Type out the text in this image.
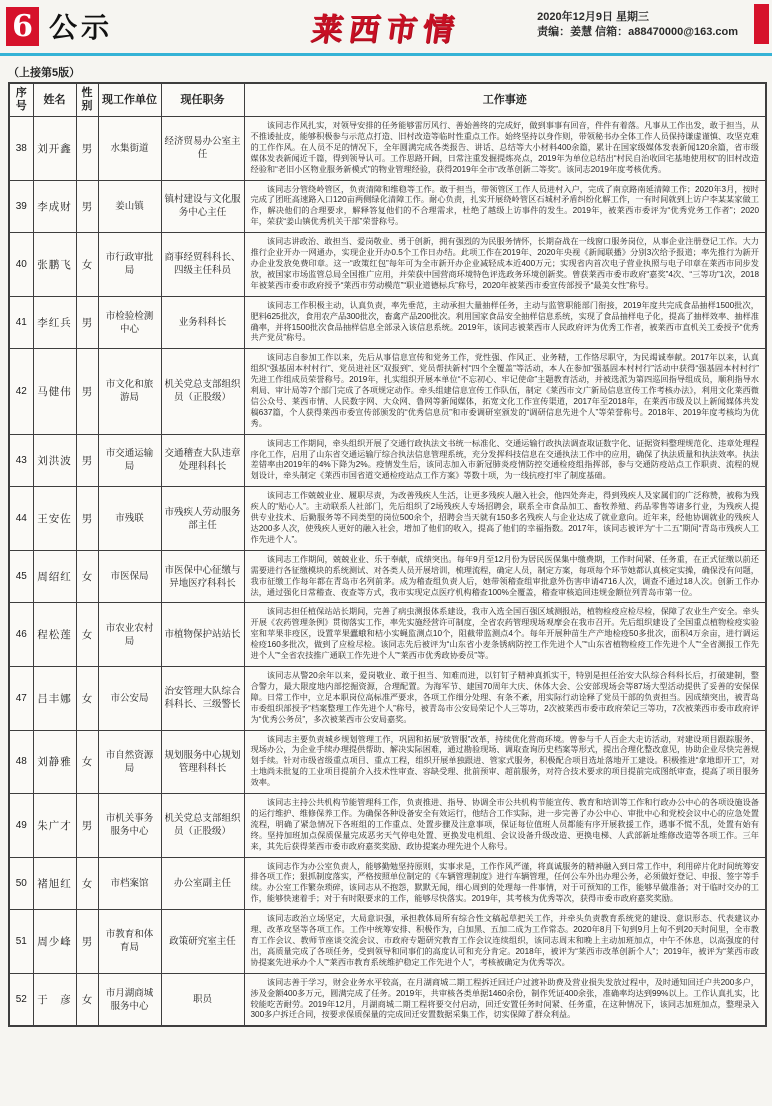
6 公示	莱西市情	2020年12月9日 星期三
责编：姜慧 信箱：a88470000@163.com
（上接第5版）
序号	姓名	性别	现工作单位	现任职务	工作事迹
38	刘开鑫	男	水集街道	经济贸易办公室主任	该同志作风扎实，对领导安排的任务能够雷厉风行、善始善终的完成好，做到事事有回音，件件有着落。凡事从工作出发，敢于担当，从不推诿扯皮，能够积极参与示范点打造、旧村改造等临时性重点工作。始终坚持以身作则，带领秘书办全体工作人员保持谦虚谨慎、攻坚克难的工作作风。在人员不足的情况下，全年圆满完成各类报告、讲话、总结等大小材料400余篇，累计在国家级媒体发表新闻120余篇，省市级媒体发表新闻近千篇，得到领导认可。工作思路开阔，日常注重发掘提炼亮点，2019年为单位总结出“村民自治收回宅基地使用权”的旧村改造经验和“老旧小区物业服务新模式”的物业管理经验，获得2019年全市“改革创新二等奖”。该同志2019年度考核优秀。

39	李成财	男	姜山镇	镇村建设与文化服务中心主任	该同志分管绕岭管区，负责清障和维稳等工作。敢于担当，带领管区工作人员进村入户，完成了南京路南延清障工作；2020年3月，按时完成了团旺高速路入口120亩两侧绿化清障工作。耐心负责，扎实开展绕岭管区石城村矛盾纠纷化解工作，一有时间就到上访户李某某家做工作，解决他们的合理要求，解释答复他们的不合理需求，杜绝了越级上访事件的发生。2019年，被莱西市委评为“优秀党务工作者”；2020年，荣获“姜山镇优秀机关干部”荣誉称号。

40	张鹏飞	女	市行政审批局	商事经贸科科长、四级主任科员	该同志讲政治、敢担当、爱岗敬业、勇于创新，拥有强烈的为民服务情怀，长期奋战在一线窗口服务岗位，从事企业注册登记工作。大力推行企业开办一网通办，实现企业开办0.5个工作日办结。此项工作在2019年、2020年央视《新闻联播》分别3次给予报道；率先推行为新开办企业发放免费印章。这一“政策红包”每年可为全市新开办企业减轻成本近400万元；实现省内首次电子营业执照与电子印章在莱西市同步发放，被国家市场监管总局全国推广应用，并荣获中国营商环境特色评选政务环境创新奖。曾获莱西市委市政府“嘉奖”4次、“三等功”1次，2018年被莱西市委市政府授予“莱西市劳动模范”“职业道德标兵”称号，2020年被莱西市委宣传部授予“最美女性”称号。

41	李红兵	男	市检验检测中心	业务科科长	该同志工作积极主动，认真负责，率先垂范，主动承担大量抽样任务，主动与监管职能部门衔接，2019年度共完成食品抽样1500批次，肥料625批次，食用农产品300批次，畜禽产品200批次。利用国家食品安全抽样信息系统，实现了食品抽样电子化，提高了抽样效率、抽样准确率，并将1500批次食品抽样信息全部录入该信息系统。2019年，该同志被莱西市人民政府评为优秀工作者，被莱西市直机关工委授予“优秀共产党员”称号。

42	马健伟	男	市文化和旅游局	机关党总支部组织员（正股级）	该同志自参加工作以来，先后从事信息宣传和党务工作，党性强、作风正、业务精，工作恪尽职守，为民竭诚奉献。2017年以来，认真组织“强基固本村村行”、党员进社区“双报到”、党员帮扶新村“四个全覆盖”等活动，本人在参加“强基固本村村行”活动中获得“强基固本村村行”先进工作组成员荣誉称号。2019年，扎实组织开展本单位“不忘初心、牢记使命”主题教育活动，并被选派为第四巡回指导组成员，顺利指导水利局、审计局等7个部门完成了各项规定动作。牵头组建信息宣传工作队伍，制定《莱西市文广新局信息宣传工作考核办法》，利用文化莱西微信公众号、莱西市情、人民数字网、大众网、鲁网等新闻媒体，拓宽文化工作宣传渠道，2017年至2018年，在莱西市级及以上新闻媒体共发稿637篇，个人获得莱西市委宣传部颁发的“优秀信息员”和市委调研室颁发的“调研信息先进个人”等荣誉称号。2018年、2019年度考核均为优秀。

43	刘洪波	男	市交通运输局	交通稽查大队违章处理科科长	该同志工作期间，牵头组织开展了交通行政执法文书统一标准化、交通运输行政执法调查取证数字化、证据资料整理规范化、违章处理程序化工作，启用了山东省交通运输厅综合执法信息管理系统，充分发挥科技信息在交通执法工作中的应用，确保了执法质量和执法效率。执法差错率由2019年的4%下降为2%。疫情发生后，该同志加入市新冠肺炎疫情防控交通检疫组指挥部，参与交通防疫站点工作职责、流程的规划设计，牵头制定《莱西市国省道交通检疫站点工作方案》等数十项，为一线抗疫打牢了制度基础。

44	王安佐	男	市残联	市残疾人劳动服务部主任	该同志工作兢兢业业、履职尽责，为改善残疾人生活，让更多残疾人融入社会，他四处奔走，得到残疾人及家属们的广泛称赞，被称为残疾人的“贴心人”。主动联系人社部门，先后组织了2场残疾人专场招聘会，联系全市食品加工、畜牧养殖、药品零售等诸多行业，为残疾人提供专业技术、后勤服务等不同类型的岗位500余个，招聘会当天就有150多名残疾人与企业达成了就业意向。近年来，经他协调就业的残疾人达200多人次，使残疾人更好的融入社会，增加了他们的收入，提高了他们的幸福指数。2017年，该同志被评为“十二五”期间“青岛市残疾人工作先进个人”。

45	周绍红	女	市医保局	市医保中心征缴与异地医疗科科长	该同志工作期间，兢兢业业、乐于奉献，成绩突出。每年9月至12月份为居民医保集中缴费期，工作时间紧、任务重，在正式征缴以前还需要进行各征缴模块的系统测试、对各类人员开展培训，梳理流程，确定人员，制定方案，每项每个环节她都认真核定实操，确保没有问题，我市征缴工作每年都在青岛市名列前茅。成为稽查组负责人后，她带领稽查组审批意外伤害申请4716人次，调查不通过18人次。创新工作办法，通过强化日常稽查、夜查等方式，我市实现定点医疗机构稽查100%全覆盖，稽查审核追回违规金额位列青岛市第一位。

46	程松莲	女	市农业农村局	市植物保护站站长	该同志担任植保站站长期间，完善了病虫测报体系建设，我市入选全国百强区域测报站，植物检疫应检尽检，保障了农业生产安全。牵头开展《农药管理条例》贯彻落实工作，率先实施经营许可制度，全省农药管理现场观摩会在我市召开。先后组织建设了全国重点植物检疫实验室和苹果非疫区，设置苹果蠹蛾和桔小实蝇监测点10个，阻截带监测点4个。每年开展种苗生产产地检疫50多批次，面积4万余亩，进行调运检疫160多批次，做到了应检尽检。该同志先后被评为“山东省小麦条锈病防控工作先进个人”“山东省植物检疫工作先进个人”“全省测报工作先进个人”“全省农技推广通联工作先进个人”“莱西市优秀政协委员”等。

47	吕丰娜	女	市公安局	治安管理大队综合科科长、三级警长	该同志从警20余年以来，爱岗敬业、敢于担当、知难而进，以钉钉子精神真抓实干，特别是担任治安大队综合科科长后，打破建制，整合警力，最大限度地内部挖掘资源，合理配置。为海军节、建国70周年大庆、休体大会、公安部现场会等87场大型活动提供了妥善的安保保障。日常工作中，立足本职岗位高标准严要求，各项工作细分处理、有条不紊，用实际行动诠释了党员干部的负责担当。因成绩突出，被青岛市委组织部授予“档案整理工作先进个人”称号，被青岛市公安局荣记个人三等功，2次被莱西市委市政府荣记三等功，7次被莱西市委市政府评为“优秀公务员”，多次被莱西市公安局嘉奖。

48	刘静雅	女	市自然资源局	规划服务中心规划管理科科长	该同志主要负责城乡规划管理工作，巩固和拓展“放管服”改革，持续优化营商环境。曾参与千人百企大走访活动，对建设项目跟踪服务、现场办公，为企业手续办理提供帮助、解决实际困难，通过勘验现场、调取查询历史档案等形式，提出合理化整改意见，协助企业尽快完善规划手续。针对市级省级重点项目、重点工程，组织开展单独跟进、管家式服务，积极配合项目选址落地开工建设。积极推进“拿地即开工”，对土地尚未批复的工业项目提前介入技术性审查、容缺受理、批前预审、超前服务，对符合技术要求的项目提前完成图纸审查，提高了项目服务效率。

49	朱广才	男	市机关事务服务中心	机关党总支部组织员（正股级）	该同志主持公共机构节能管理科工作，负责推进、指导、协调全市公共机构节能宣传、教育和培训等工作和行政办公中心的各项设施设备的运行维护、维修保养工作。为确保各种设备安全有效运行，他结合工作实际，进一步完善了办公中心、审批中心和党校会议中心的应急处置流程，明确了紧急情况下各班组的工作重点、处置步骤及注意事项，保证每位值班人员都能有序开展救援工作，遇事不慌不乱，处置有始有终。坚持加班加点保质保量完成恶劣天气停电处置、更换发电机组、会议设备升级改造、更换电梯、人武部新址维修改造等各项工作。三年来，其先后获得莱西市委市政府嘉奖奖励、政协提案办理先进个人称号。

50	褚旭红	女	市档案馆	办公室副主任	该同志作为办公室负责人，能够勤勉坚持原则，实事求是，工作作风严谨，将真诚服务的精神融入到日常工作中，利用碎片化时间统筹安排各项工作；狠抓制度落实，严格按照单位制定的《车辆管理制度》进行车辆管理，任何公车外出办理公务，必须做好登记、申报、签字等手续。办公室工作繁杂琐碎，该同志从不抱怨，默默无闻，细心周到的处理每一件事情，对于可预知的工作，能够早做准备；对于临时交办的工作，能够快速着手；对于有时限要求的工作，能够尽快落实。2019年，其考核为优秀等次，获得市委市政府嘉奖奖励。

51	周少峰	男	市教育和体育局	政策研究室主任	该同志政治立场坚定，大局意识强，承担教体局所有综合性文稿起草把关工作，并牵头负责教育系统党的建设、意识形态、代表建议办理、改革攻坚等各项工作。工作中统筹安排、积极作为，白加黑、五加二成为工作常态。2020年8月下旬到9月上旬不到20天时间里，全市教育工作会议、教师节座谈交流会议、市政府专题研究教育工作会议连续组织，该同志周末和晚上主动加班加点，中午不休息，以高强度的付出，高质量完成了各项任务，受到领导和同事们的高度认可和充分肯定。2018年，被评为“莱西市改革创新个人”；2019年，被评为“莱西市政协提案先进承办个人”“莱西市教育系统维护稳定工作先进个人”，考核被确定为优秀等次。

52	于　彦	女	市月湖商城服务中心	职员	该同志善于学习，财会业务水平较高，在月湖商城二期工程拆迁回迁户过渡补助费及营业损失发放过程中，及时通知回迁户共200多户，涉及金额400多万元，圆满完成了任务。2019年，共审核各类单据1460余份，制作凭证400余张，准确率均达到99%以上。工作认真扎实，比较能吃苦耐劳。2019年12月，月湖商城二期工程将要交付启动，回迁安置任务时间紧、任务重，在这种情况下，该同志加班加点，整理录入300多户拆迁合同，按要求保质保量的完成回迁安置数据采集工作，切实保障了群众利益。
